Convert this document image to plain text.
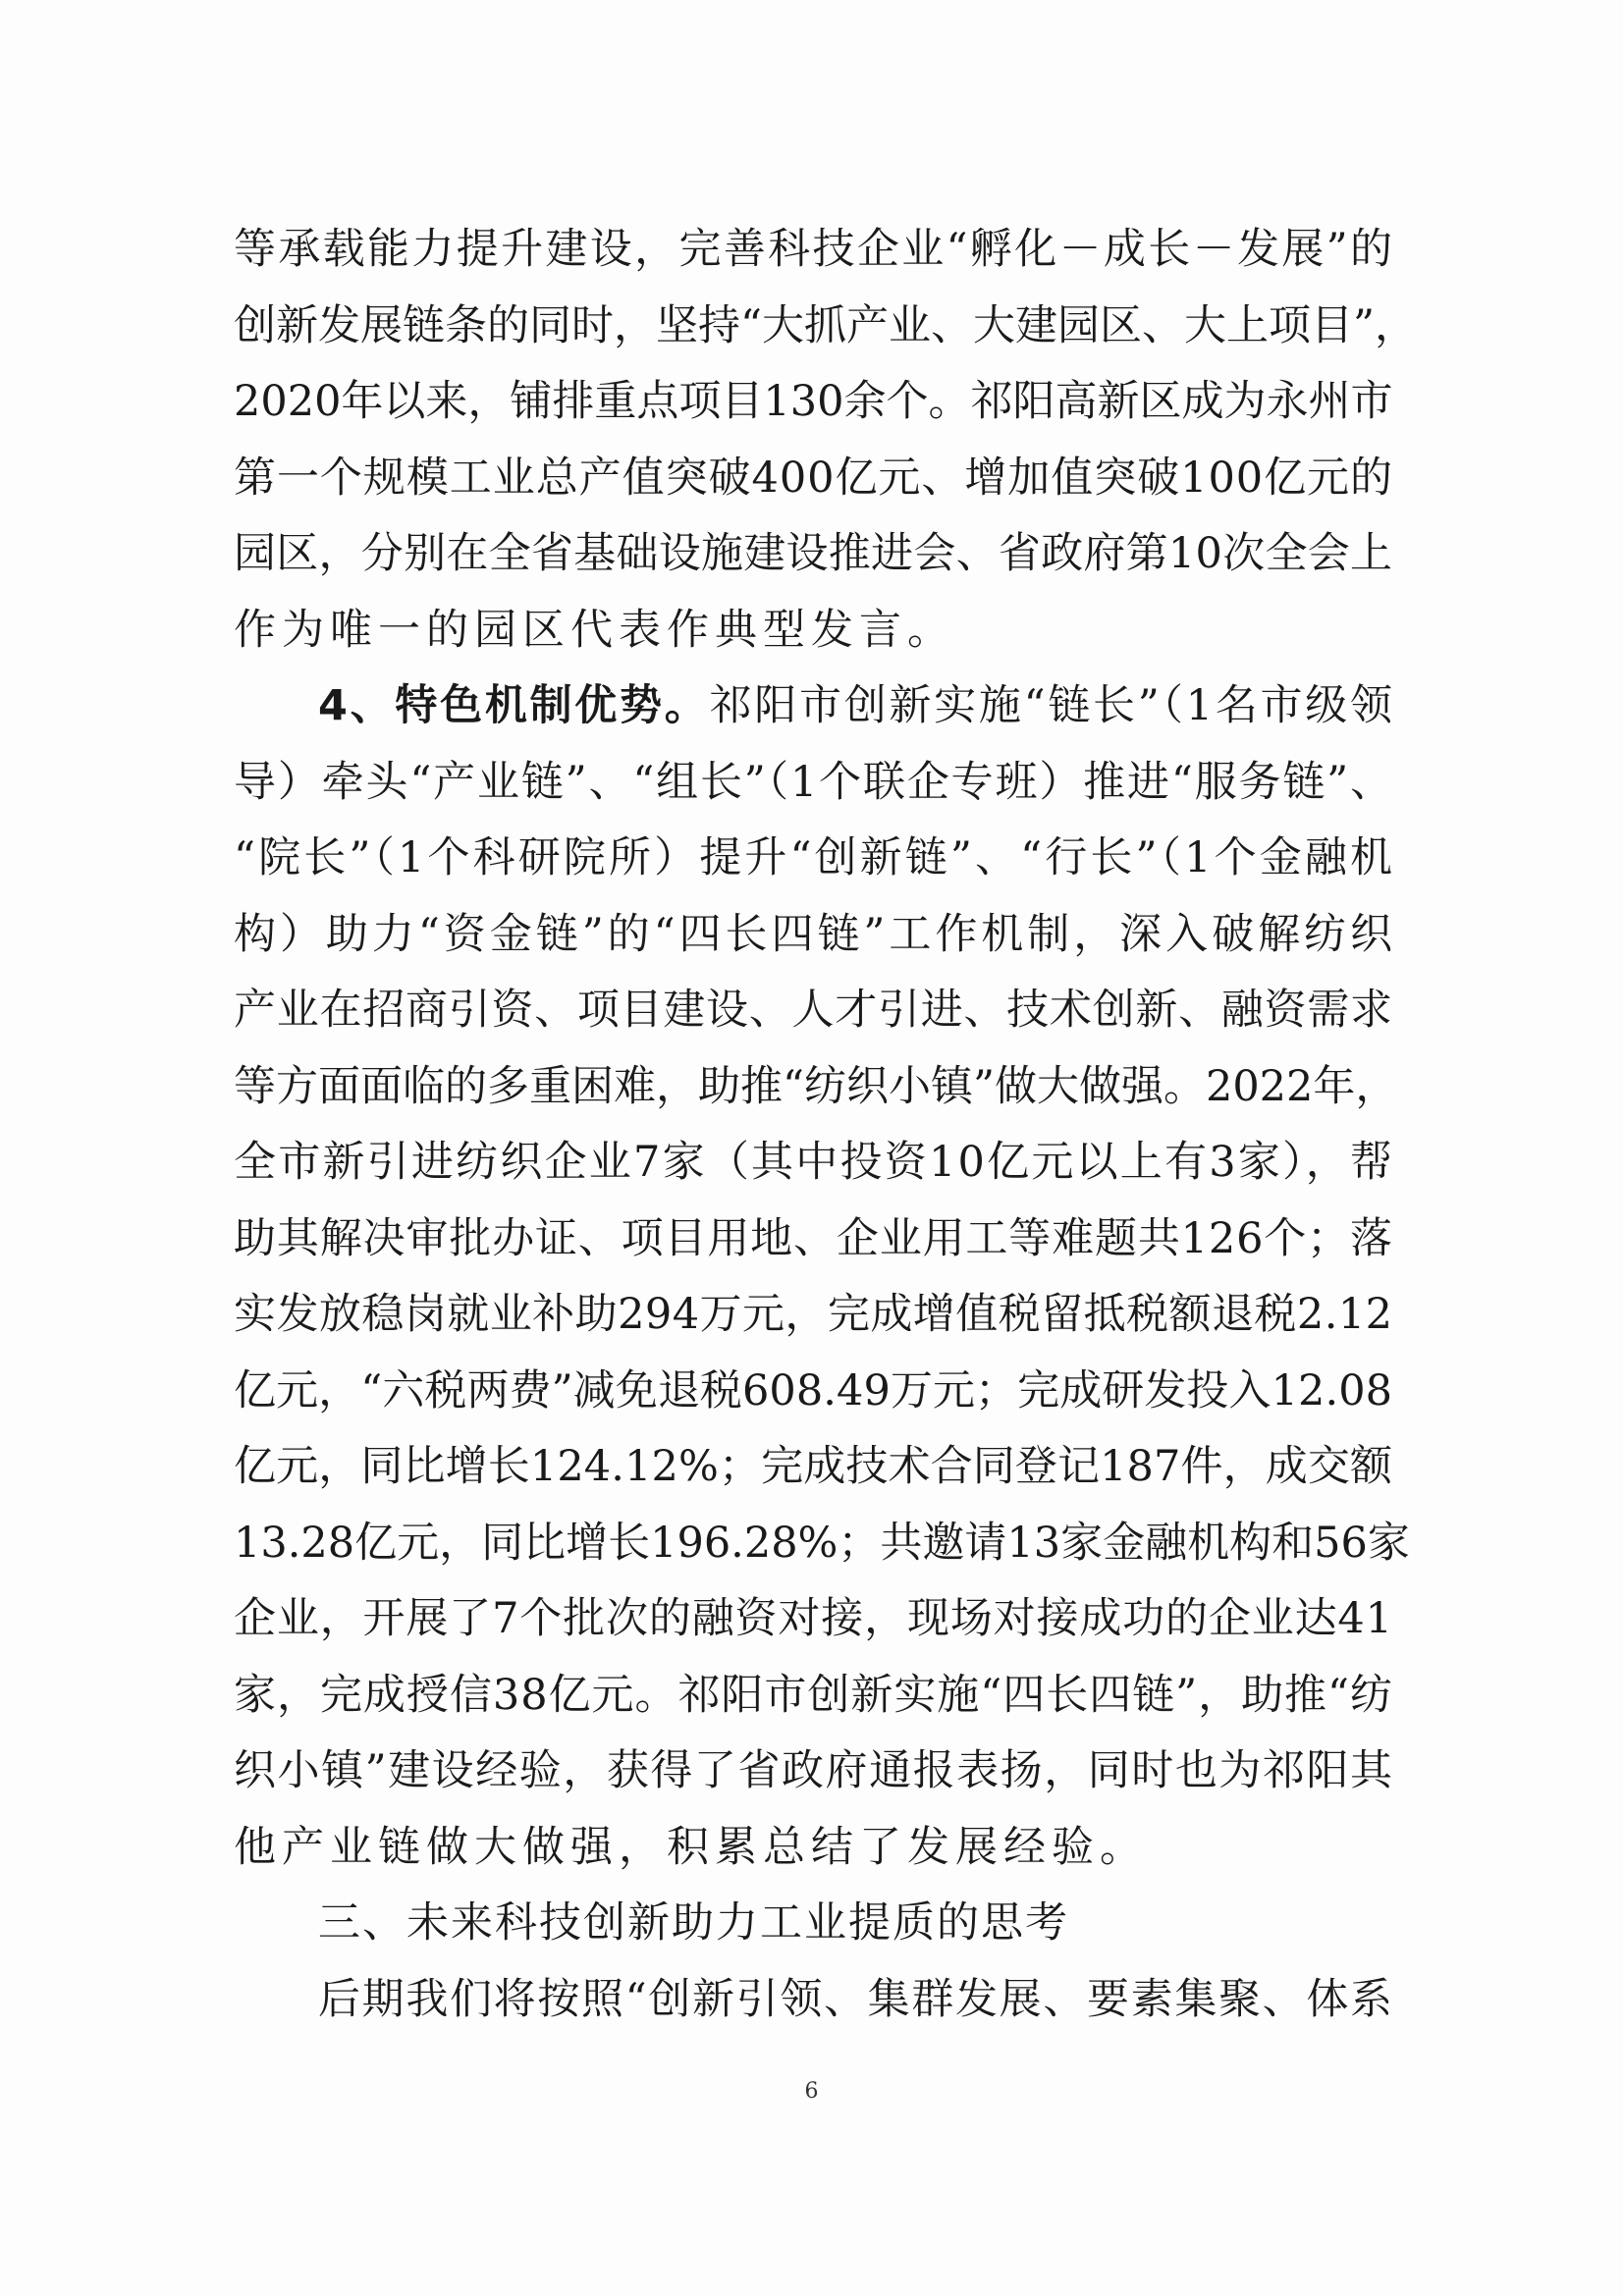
等承载能力提升建设，完善科技企业“孵化－成长－发展”的
创新发展链条的同时，坚持“大抓产业、大建园区、大上项目”，
2020年以来，铺排重点项目130余个。祁阳高新区成为永州市
第一个规模工业总产值突破400亿元、增加值突破100亿元的
园区，分别在全省基础设施建设推进会、省政府第10次全会上
作为唯一的园区代表作典型发言。
4、特色机制优势。祁阳市创新实施“链长”（1名市级领
导）牵头“产业链”、“组长”（1个联企专班）推进“服务链”、
“院长”（1个科研院所）提升“创新链”、“行长”（1个金融机
构）助力“资金链”的“四长四链”工作机制，深入破解纺织
产业在招商引资、项目建设、人才引进、技术创新、融资需求
等方面面临的多重困难，助推“纺织小镇”做大做强。2022年，
全市新引进纺织企业7家（其中投资10亿元以上有3家），帮
助其解决审批办证、项目用地、企业用工等难题共126个；落
实发放稳岗就业补助294万元，完成增值税留抵税额退税2.12
亿元，“六税两费”减免退税608.49万元；完成研发投入12.08
亿元，同比增长124.12%；完成技术合同登记187件，成交额
13.28亿元，同比增长196.28%；共邀请13家金融机构和56家
企业，开展了7个批次的融资对接，现场对接成功的企业达41
家，完成授信38亿元。祁阳市创新实施“四长四链”，助推“纺
织小镇”建设经验，获得了省政府通报表扬，同时也为祁阳其
他产业链做大做强，积累总结了发展经验。
三、未来科技创新助力工业提质的思考
后期我们将按照“创新引领、集群发展、要素集聚、体系
6
